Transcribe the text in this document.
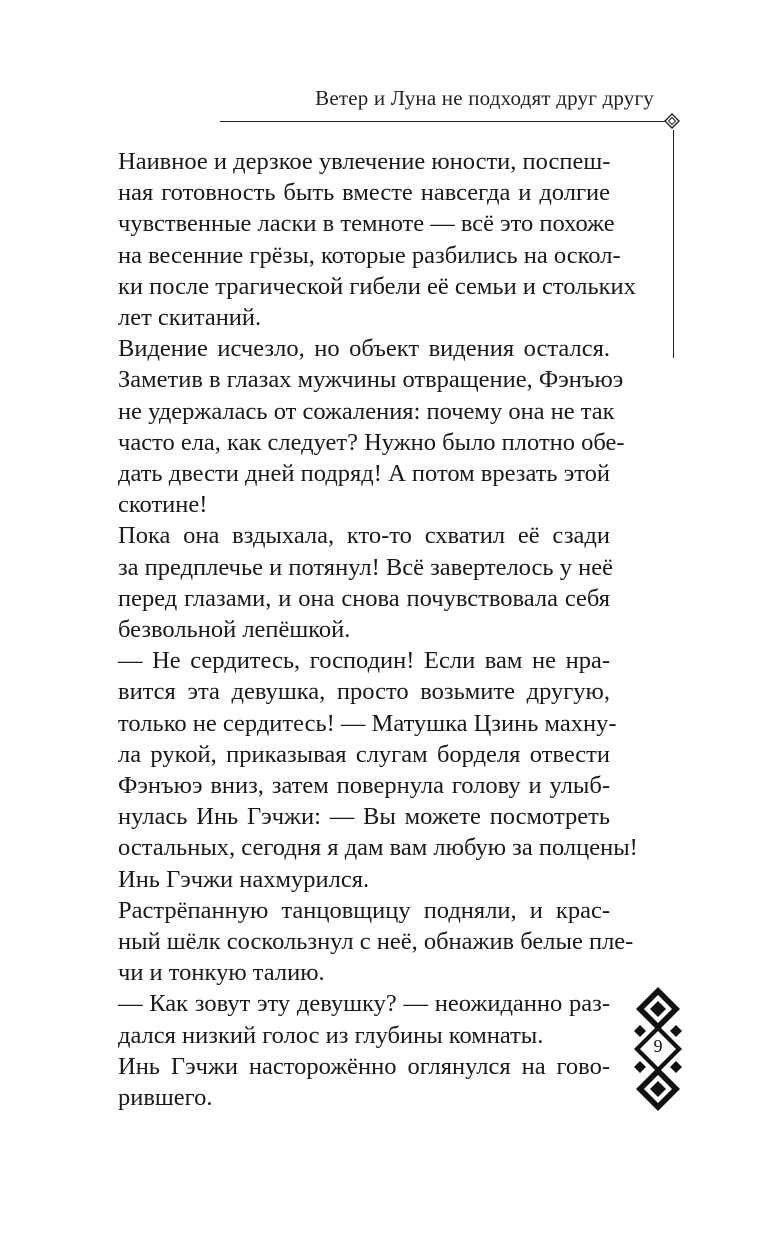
Ветер и Луна не подходят друг другу
Наивное и дерзкое увлечение юности, поспеш-
ная готовность быть вместе навсегда и долгие
чувственные ласки в темноте — всё это похоже
на весенние грёзы, которые разбились на оскол-
ки после трагической гибели её семьи и стольких
лет скитаний.
Видение исчезло, но объект видения остался.
Заметив в глазах мужчины отвращение, Фэнъюэ
не удержалась от сожаления: почему она не так
часто ела, как следует? Нужно было плотно обе-
дать двести дней подряд! А потом врезать этой
скотине!
Пока она вздыхала, кто-то схватил её сзади
за предплечье и потянул! Всё завертелось у неё
перед глазами, и она снова почувствовала себя
безвольной лепёшкой.
— Не сердитесь, господин! Если вам не нра-
вится эта девушка, просто возьмите другую,
только не сердитесь! — Матушка Цзинь махну-
ла рукой, приказывая слугам борделя отвести
Фэнъюэ вниз, затем повернула голову и улыб-
нулась Инь Гэчжи: — Вы можете посмотреть
остальных, сегодня я дам вам любую за полцены!
Инь Гэчжи нахмурился.
Растрёпанную танцовщицу подняли, и крас-
ный шёлк соскользнул с неё, обнажив белые пле-
чи и тонкую талию.
— Как зовут эту девушку? — неожиданно раз-
дался низкий голос из глубины комнаты.
Инь Гэчжи насторожённо оглянулся на гово-
рившего.
9
